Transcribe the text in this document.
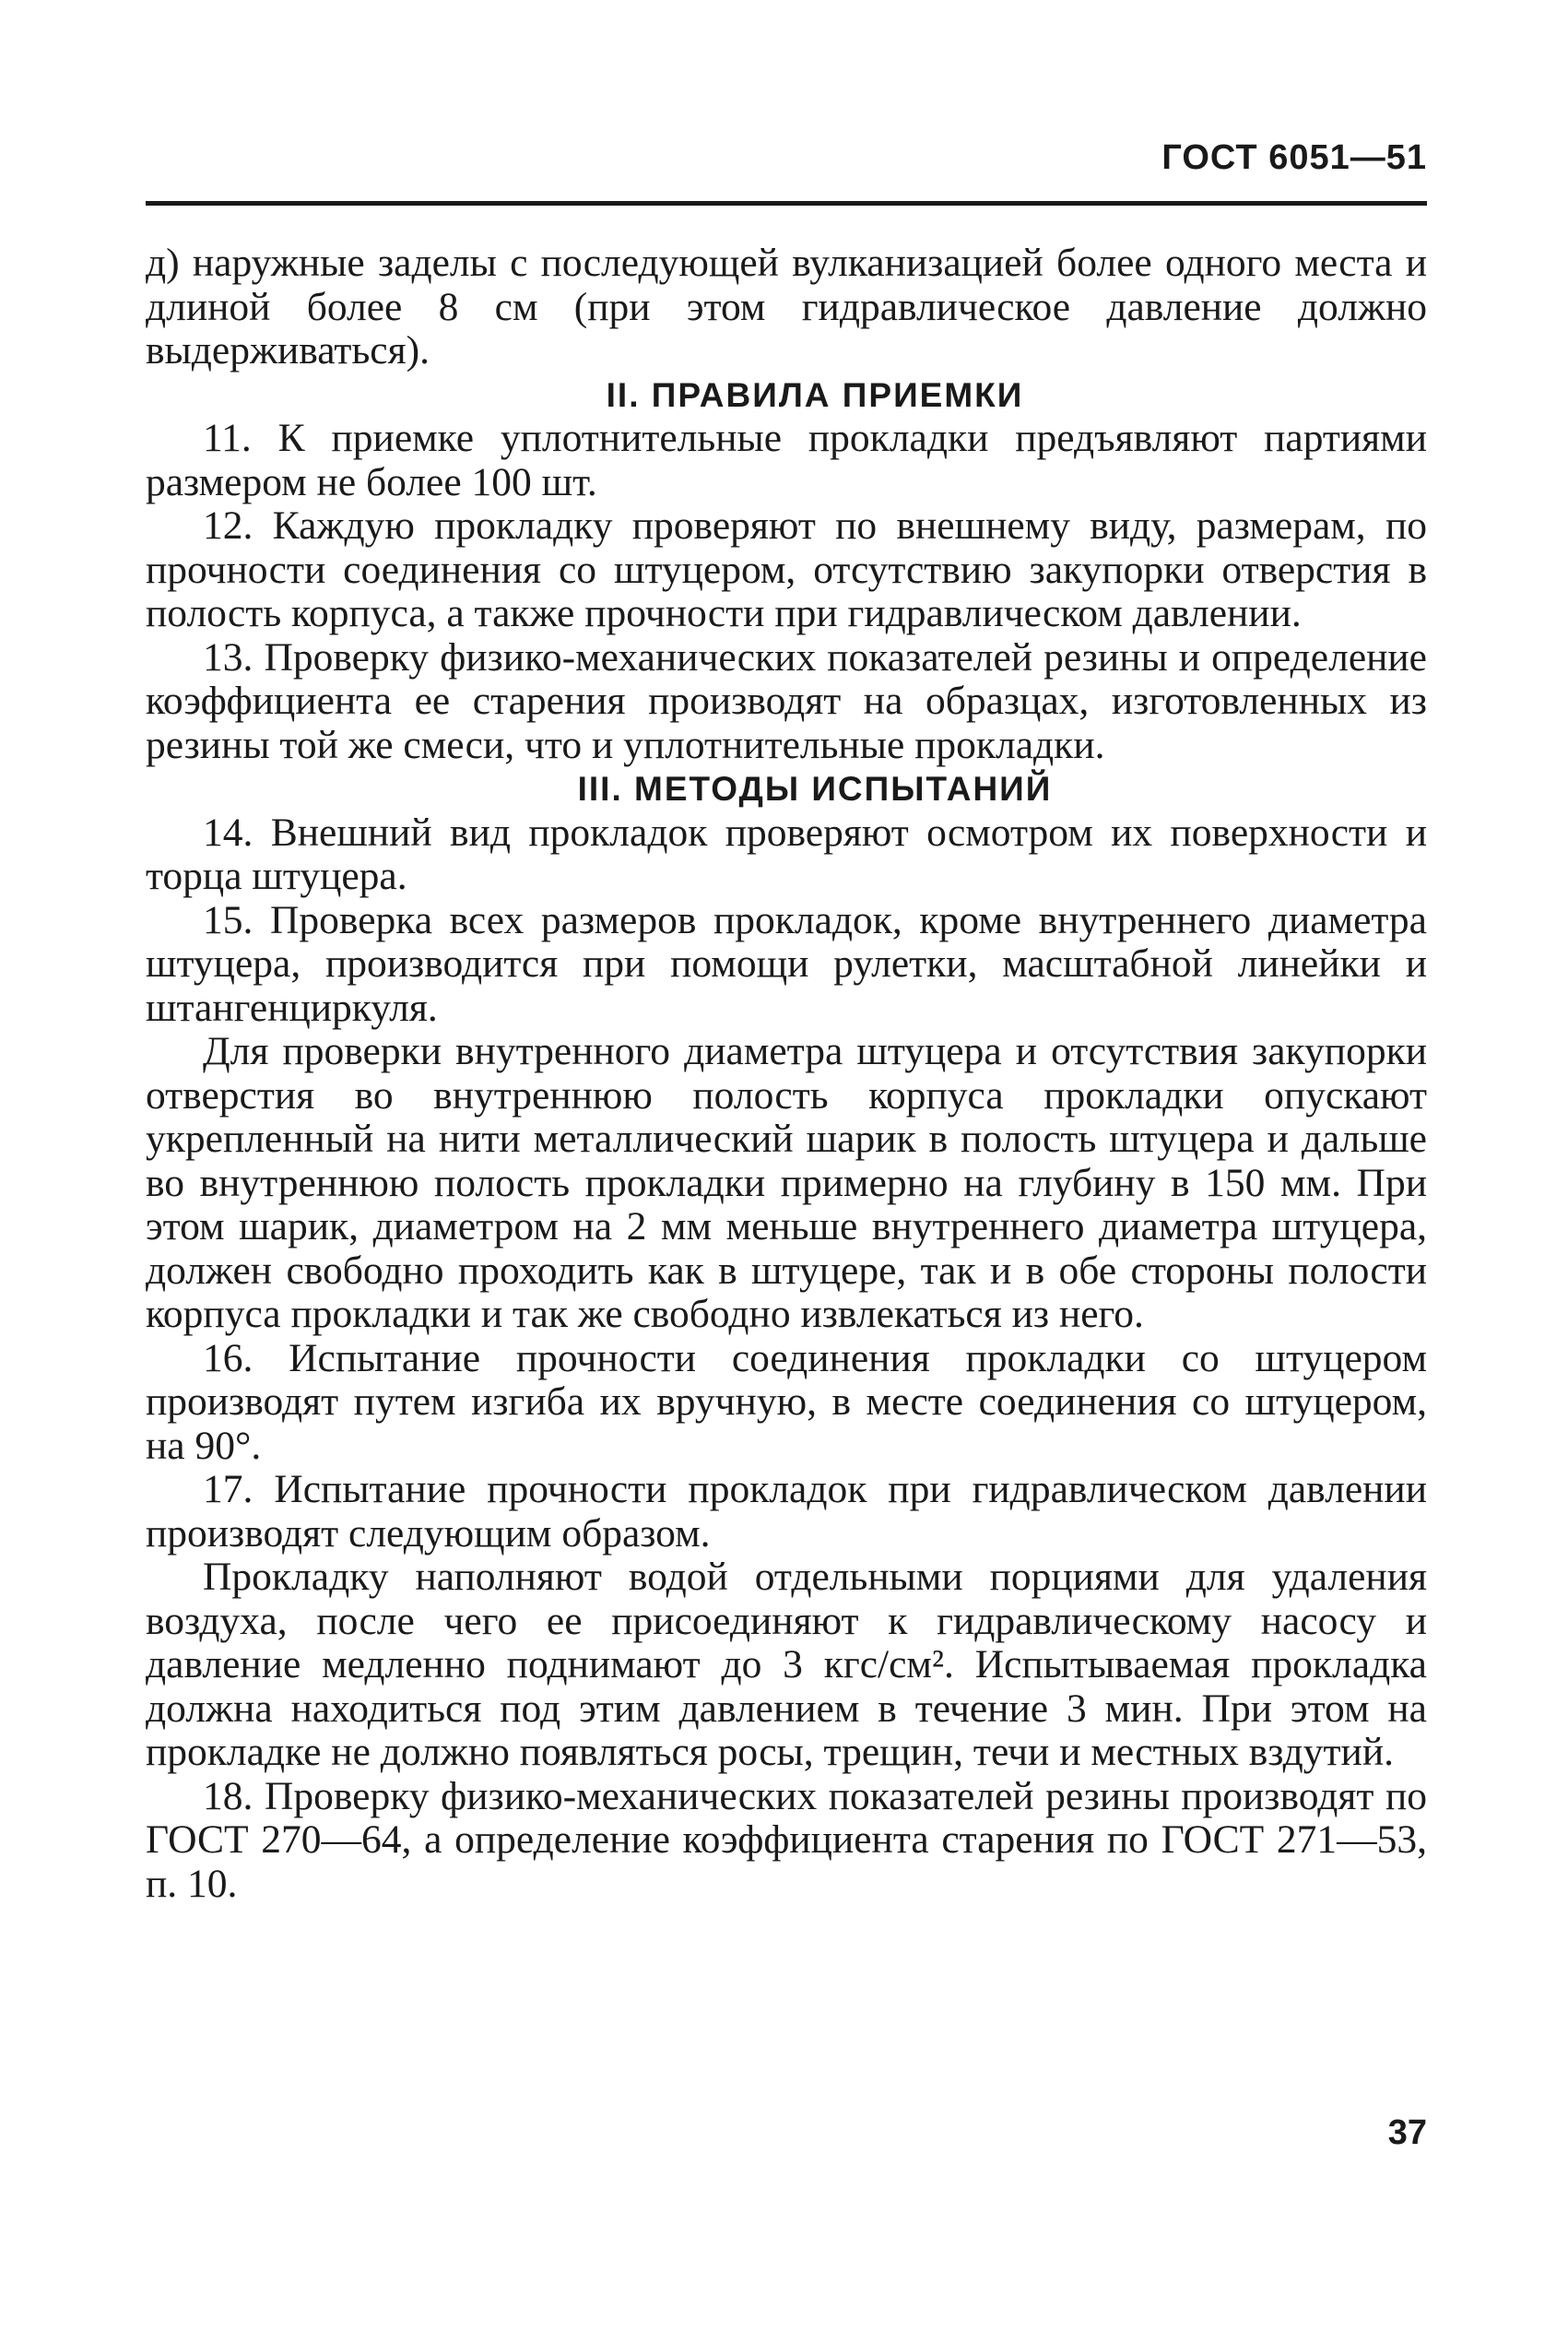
ГОСТ 6051—51

д) наружные заделы с последующей вулканизацией более одного места и длиной более 8 см (при этом гидравлическое давление должно выдерживаться).

II. ПРАВИЛА ПРИЕМКИ

11. К приемке уплотнительные прокладки предъявляют партиями размером не более 100 шт.

12. Каждую прокладку проверяют по внешнему виду, размерам, по прочности соединения со штуцером, отсутствию закупорки отверстия в полость корпуса, а также прочности при гидравлическом давлении.

13. Проверку физико-механических показателей резины и определение коэффициента ее старения производят на образцах, изготовленных из резины той же смеси, что и уплотнительные прокладки.

III. МЕТОДЫ ИСПЫТАНИЙ

14. Внешний вид прокладок проверяют осмотром их поверхности и торца штуцера.

15. Проверка всех размеров прокладок, кроме внутреннего диаметра штуцера, производится при помощи рулетки, масштабной линейки и штангенциркуля.

Для проверки внутренного диаметра штуцера и отсутствия закупорки отверстия во внутреннюю полость корпуса прокладки опускают укрепленный на нити металлический шарик в полость штуцера и дальше во внутреннюю полость прокладки примерно на глубину в 150 мм. При этом шарик, диаметром на 2 мм меньше внутреннего диаметра штуцера, должен свободно проходить как в штуцере, так и в обе стороны полости корпуса прокладки и так же свободно извлекаться из него.

16. Испытание прочности соединения прокладки со штуцером производят путем изгиба их вручную, в месте соединения со штуцером, на 90°.

17. Испытание прочности прокладок при гидравлическом давлении производят следующим образом.

Прокладку наполняют водой отдельными порциями для удаления воздуха, после чего ее присоединяют к гидравлическому насосу и давление медленно поднимают до 3 кгс/см². Испытываемая прокладка должна находиться под этим давлением в течение 3 мин. При этом на прокладке не должно появляться росы, трещин, течи и местных вздутий.

18. Проверку физико-механических показателей резины производят по ГОСТ 270—64, а определение коэффициента старения по ГОСТ 271—53, п. 10.

37
